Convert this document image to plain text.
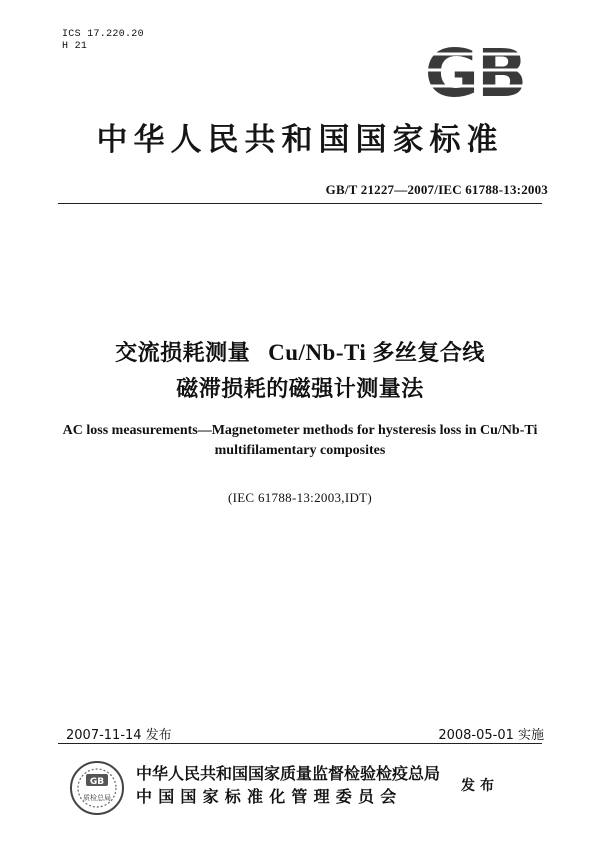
ICS 17.220.20
H 21	GB
中华人民共和国国家标准
GB/T 21227—2007/IEC 61788-13:2003
交流损耗测量 Cu/Nb-Ti 多丝复合线
磁滞损耗的磁强计测量法
AC loss measurements—Magnetometer methods for hysteresis loss in Cu/Nb-Ti
multifilamentary composites
(IEC 61788-13:2003,IDT)
2007-11-14 发布	2008-05-01 实施
GB
质检总局
中华人民共和国国家质量监督检验检疫总局
中国国家标准化管理委员会
发布
